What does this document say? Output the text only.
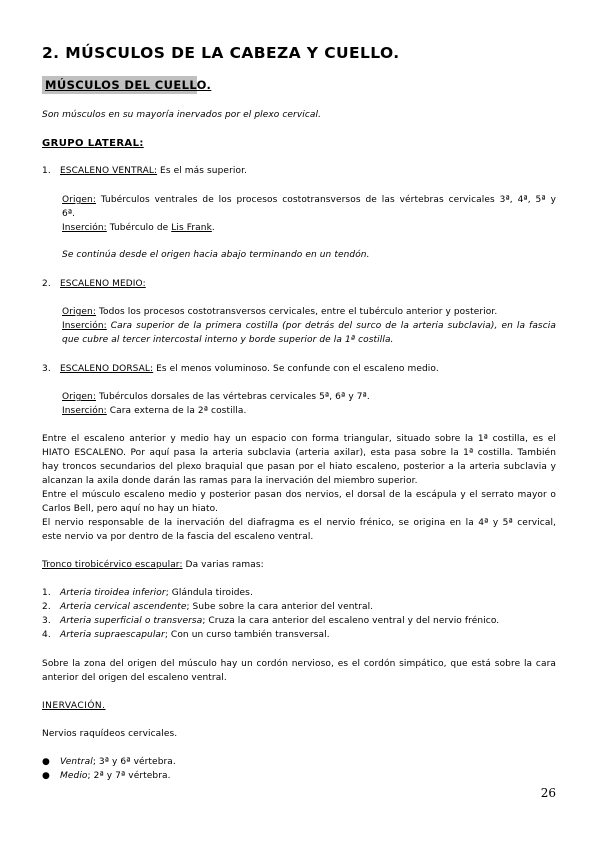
2. MÚSCULOS DE LA CABEZA Y CUELLO.

MÚSCULOS DEL CUELLO.

Son músculos en su mayoría inervados por el plexo cervical.

GRUPO LATERAL:

1. ESCALENO VENTRAL: Es el más superior.

Origen: Tubérculos ventrales de los procesos costotransversos de las vértebras cervicales 3ª, 4ª, 5ª y

6ª.

Inserción: Tubérculo de Lis Frank.

Se continúa desde el origen hacia abajo terminando en un tendón.

2. ESCALENO MEDIO:

Origen: Todos los procesos costotransversos cervicales, entre el tubérculo anterior y posterior.

Inserción: Cara superior de la primera costilla (por detrás del surco de la arteria subclavia), en la fascia

que cubre al tercer intercostal interno y borde superior de la 1ª costilla.

3. ESCALENO DORSAL: Es el menos voluminoso. Se confunde con el escaleno medio.

Origen: Tubérculos dorsales de las vértebras cervicales 5ª, 6ª y 7ª.

Inserción: Cara externa de la 2ª costilla.

Entre el escaleno anterior y medio hay un espacio con forma triangular, situado sobre la 1ª costilla, es el

HIATO ESCALENO. Por aquí pasa la arteria subclavia (arteria axilar), esta pasa sobre la 1ª costilla. También

hay troncos secundarios del plexo braquial que pasan por el hiato escaleno, posterior a la arteria subclavia y

alcanzan la axila donde darán las ramas para la inervación del miembro superior.

Entre el músculo escaleno medio y posterior pasan dos nervios, el dorsal de la escápula y el serrato mayor o

Carlos Bell, pero aquí no hay un hiato.

El nervio responsable de la inervación del diafragma es el nervio frénico, se origina en la 4ª y 5ª cervical,

este nervio va por dentro de la fascia del escaleno ventral.

Tronco tirobicérvico escapular: Da varias ramas:

1. Arteria tiroidea inferior; Glándula tiroides.

2. Arteria cervical ascendente; Sube sobre la cara anterior del ventral.

3. Arteria superficial o transversa; Cruza la cara anterior del escaleno ventral y del nervio frénico.

4. Arteria supraescapular; Con un curso también transversal.

Sobre la zona del origen del músculo hay un cordón nervioso, es el cordón simpático, que está sobre la cara

anterior del origen del escaleno ventral.

INERVACIÓN.

Nervios raquídeos cervicales.

● Ventral; 3ª y 6ª vértebra.

● Medio; 2ª y 7ª vértebra.

26
